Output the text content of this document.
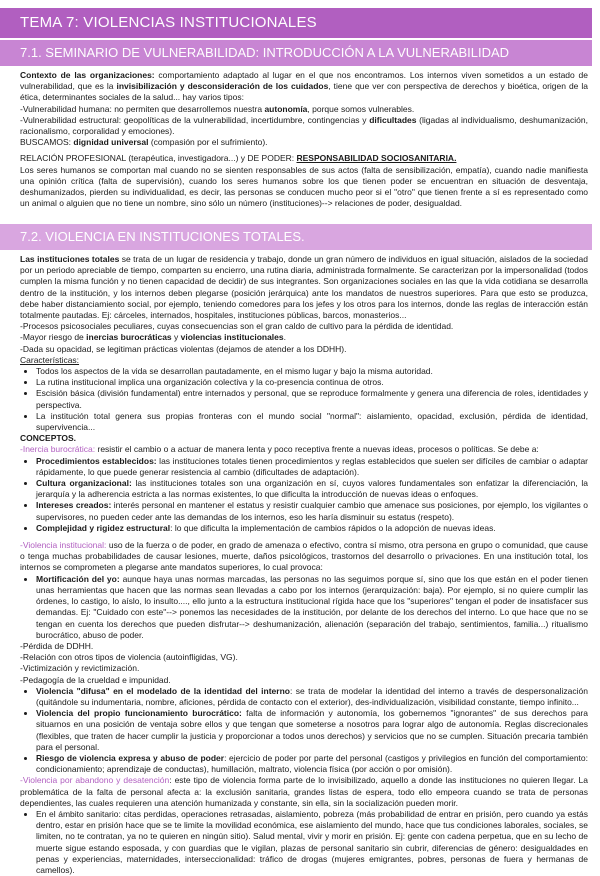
TEMA 7: VIOLENCIAS INSTITUCIONALES
7.1. SEMINARIO DE VULNERABILIDAD: INTRODUCCIÓN A LA VULNERABILIDAD

Contexto de las organizaciones: comportamiento adaptado al lugar en el que nos encontramos. Los internos viven sometidos a un estado de vulnerabilidad, que es la invisibilización y desconsideración de los cuidados, tiene que ver con perspectiva de derechos y bioética, origen de la ética, determinantes sociales de la salud... hay varios tipos:

-Vulnerabilidad humana: no permiten que desarrollemos nuestra autonomía, porque somos vulnerables.

-Vulnerabilidad estructural: geopolíticas de la vulnerabilidad, incertidumbre, contingencias y dificultades (ligadas al individualismo, deshumanización, racionalismo, corporalidad y emociones).

BUSCAMOS: dignidad universal (compasión por el sufrimiento).

RELACIÓN PROFESIONAL (terapéutica, investigadora...) y DE PODER: RESPONSABILIDAD SOCIOSANITARIA.

Los seres humanos se comportan mal cuando no se sienten responsables de sus actos (falta de sensibilización, empatía), cuando nadie manifiesta una opinión crítica (falta de supervisión), cuando los seres humanos sobre los que tienen poder se encuentran en situación de desventaja, deshumanizados, pierden su individualidad, es decir, las personas se conducen mucho peor si el "otro" que tienen frente a sí es representado como un animal o alguien que no tiene un nombre, sino sólo un número (instituciones)--> relaciones de poder, desigualdad.

7.2. VIOLENCIA EN INSTITUCIONES TOTALES.

Las instituciones totales se trata de un lugar de residencia y trabajo, donde un gran número de individuos en igual situación, aislados de la sociedad por un periodo apreciable de tiempo, comparten su encierro, una rutina diaria, administrada formalmente. Se caracterizan por la impersonalidad (todos cumplen la misma función y no tienen capacidad de decidir) de sus integrantes. Son organizaciones sociales en las que la vida cotidiana se desarrolla dentro de la institución, y los internos deben plegarse (posición jerárquica) ante los mandatos de nuestros superiores. Para que esto se produzca, debe haber distanciamiento social, por ejemplo, teniendo comedores para los jefes y los otros para los internos, donde las reglas de interacción están totalmente pautadas. Ej: cárceles, internados, hospitales, instituciones públicas, barcos, monasterios...

-Procesos psicosociales peculiares, cuyas consecuencias son el gran caldo de cultivo para la pérdida de identidad.

-Mayor riesgo de inercias burocráticas y violencias institucionales.

-Dada su opacidad, se legitiman prácticas violentas (dejamos de atender a los DDHH).

Características:

• Todos los aspectos de la vida se desarrollan pautadamente, en el mismo lugar y bajo la misma autoridad.
• La rutina institucional implica una organización colectiva y la co-presencia continua de otros.
• Escisión básica (división fundamental) entre internados y personal, que se reproduce formalmente y genera una diferencia de roles, identidades y perspectiva.
• La institución total genera sus propias fronteras con el mundo social "normal": aislamiento, opacidad, exclusión, pérdida de identidad, supervivencia...

CONCEPTOS.

-Inercia burocrática: resistir el cambio o a actuar de manera lenta y poco receptiva frente a nuevas ideas, procesos o políticas. Se debe a:

• Procedimientos establecidos: las instituciones totales tienen procedimientos y reglas establecidos que suelen ser difíciles de cambiar o adaptar rápidamente, lo que puede generar resistencia al cambio (dificultades de adaptación).
• Cultura organizacional: las instituciones totales son una organización en sí, cuyos valores fundamentales son enfatizar la diferenciación, la jerarquía y la adherencia estricta a las normas existentes, lo que dificulta la introducción de nuevas ideas o enfoques.
• Intereses creados: interés personal en mantener el estatus y resistir cualquier cambio que amenace sus posiciones, por ejemplo, los vigilantes o supervisores, no pueden ceder ante las demandas de los internos, eso les haría disminuir su estatus (respeto).
• Complejidad y rigidez estructural: lo que dificulta la implementación de cambios rápidos o la adopción de nuevas ideas.

-Violencia institucional: uso de la fuerza o de poder, en grado de amenaza o efectivo, contra sí mismo, otra persona en grupo o comunidad, que cause o tenga muchas probabilidades de causar lesiones, muerte, daños psicológicos, trastornos del desarrollo o privaciones. En una institución total, los internos se comprometen a plegarse ante mandatos superiores, lo cual provoca:

• Mortificación del yo: aunque haya unas normas marcadas, las personas no las seguimos porque sí, sino que los que están en el poder tienen unas herramientas que hacen que las normas sean llevadas a cabo por los internos (jerarquización: baja). Por ejemplo, si no quiere cumplir las órdenes, lo castigo, lo aíslo, lo insulto...., ello junto a la estructura institucional rígida hace que los "superiores" tengan el poder de insatisfacer sus demandas. Ej: "Cuidado con este"--> ponemos las necesidades de la institución, por delante de los derechos del interno. Lo que hace que no se tengan en cuenta los derechos que pueden disfrutar--> deshumanización, alienación (separación del trabajo, sentimientos, familia...) ritualismo burocrático, abuso de poder.

-Pérdida de DDHH.

-Relación con otros tipos de violencia (autoinfligidas, VG).

-Victimización y revictimización.

-Pedagogía de la crueldad e impunidad.

• Violencia "difusa" en el modelado de la identidad del interno: se trata de modelar la identidad del interno a través de despersonalización (quitándole su indumentaria, nombre, aficiones, pérdida de contacto con el exterior), des-individualización, visibilidad constante, tiempo infinito...
• Violencia del propio funcionamiento burocrático: falta de información y autonomía, los gobernemos "ignorantes" de sus derechos para situarnos en una posición de ventaja sobre ellos y que tengan que someterse a nosotros para lograr algo de autonomía. Reglas discrecionales (flexibles, que traten de hacer cumplir la justicia y proporcionar a todos unos derechos) y servicios que no se cumplen. Situación precaria también para el personal.
• Riesgo de violencia expresa y abuso de poder: ejercicio de poder por parte del personal (castigos y privilegios en función del comportamiento: condicionamiento; aprendizaje de conductas), humillación, maltrato, violencia física (por acción o por omisión).

-Violencia por abandono y desatención: este tipo de violencia forma parte de lo invisibilizado, aquello a donde las instituciones no quieren llegar. La problemática de la falta de personal afecta a: la exclusión sanitaria, grandes listas de espera, todo ello empeora cuando se trata de personas dependientes, las cuales requieren una atención humanizada y constante, sin ella, sin la socialización pueden morir.

• En el ámbito sanitario: citas perdidas, operaciones retrasadas, aislamiento, pobreza (más probabilidad de entrar en prisión, pero cuando ya estás dentro, estar en prisión hace que se te limite la movilidad económica, ese aislamiento del mundo, hace que tus condiciones laborales, sociales, se limiten, no te contratan, ya no te quieren en ningún sitio). Salud mental, vivir y morir en prisión. Ej: gente con cadena perpetua, que en su lecho de muerte sigue estando esposada, y con guardias que le vigilan, plazas de personal sanitario sin cubrir, diferencias de género: desigualdades en penas y experiencias, maternidades, interseccionalidad: tráfico de drogas (mujeres emigrantes, pobres, personas de fuera y hermanas de camellos).
